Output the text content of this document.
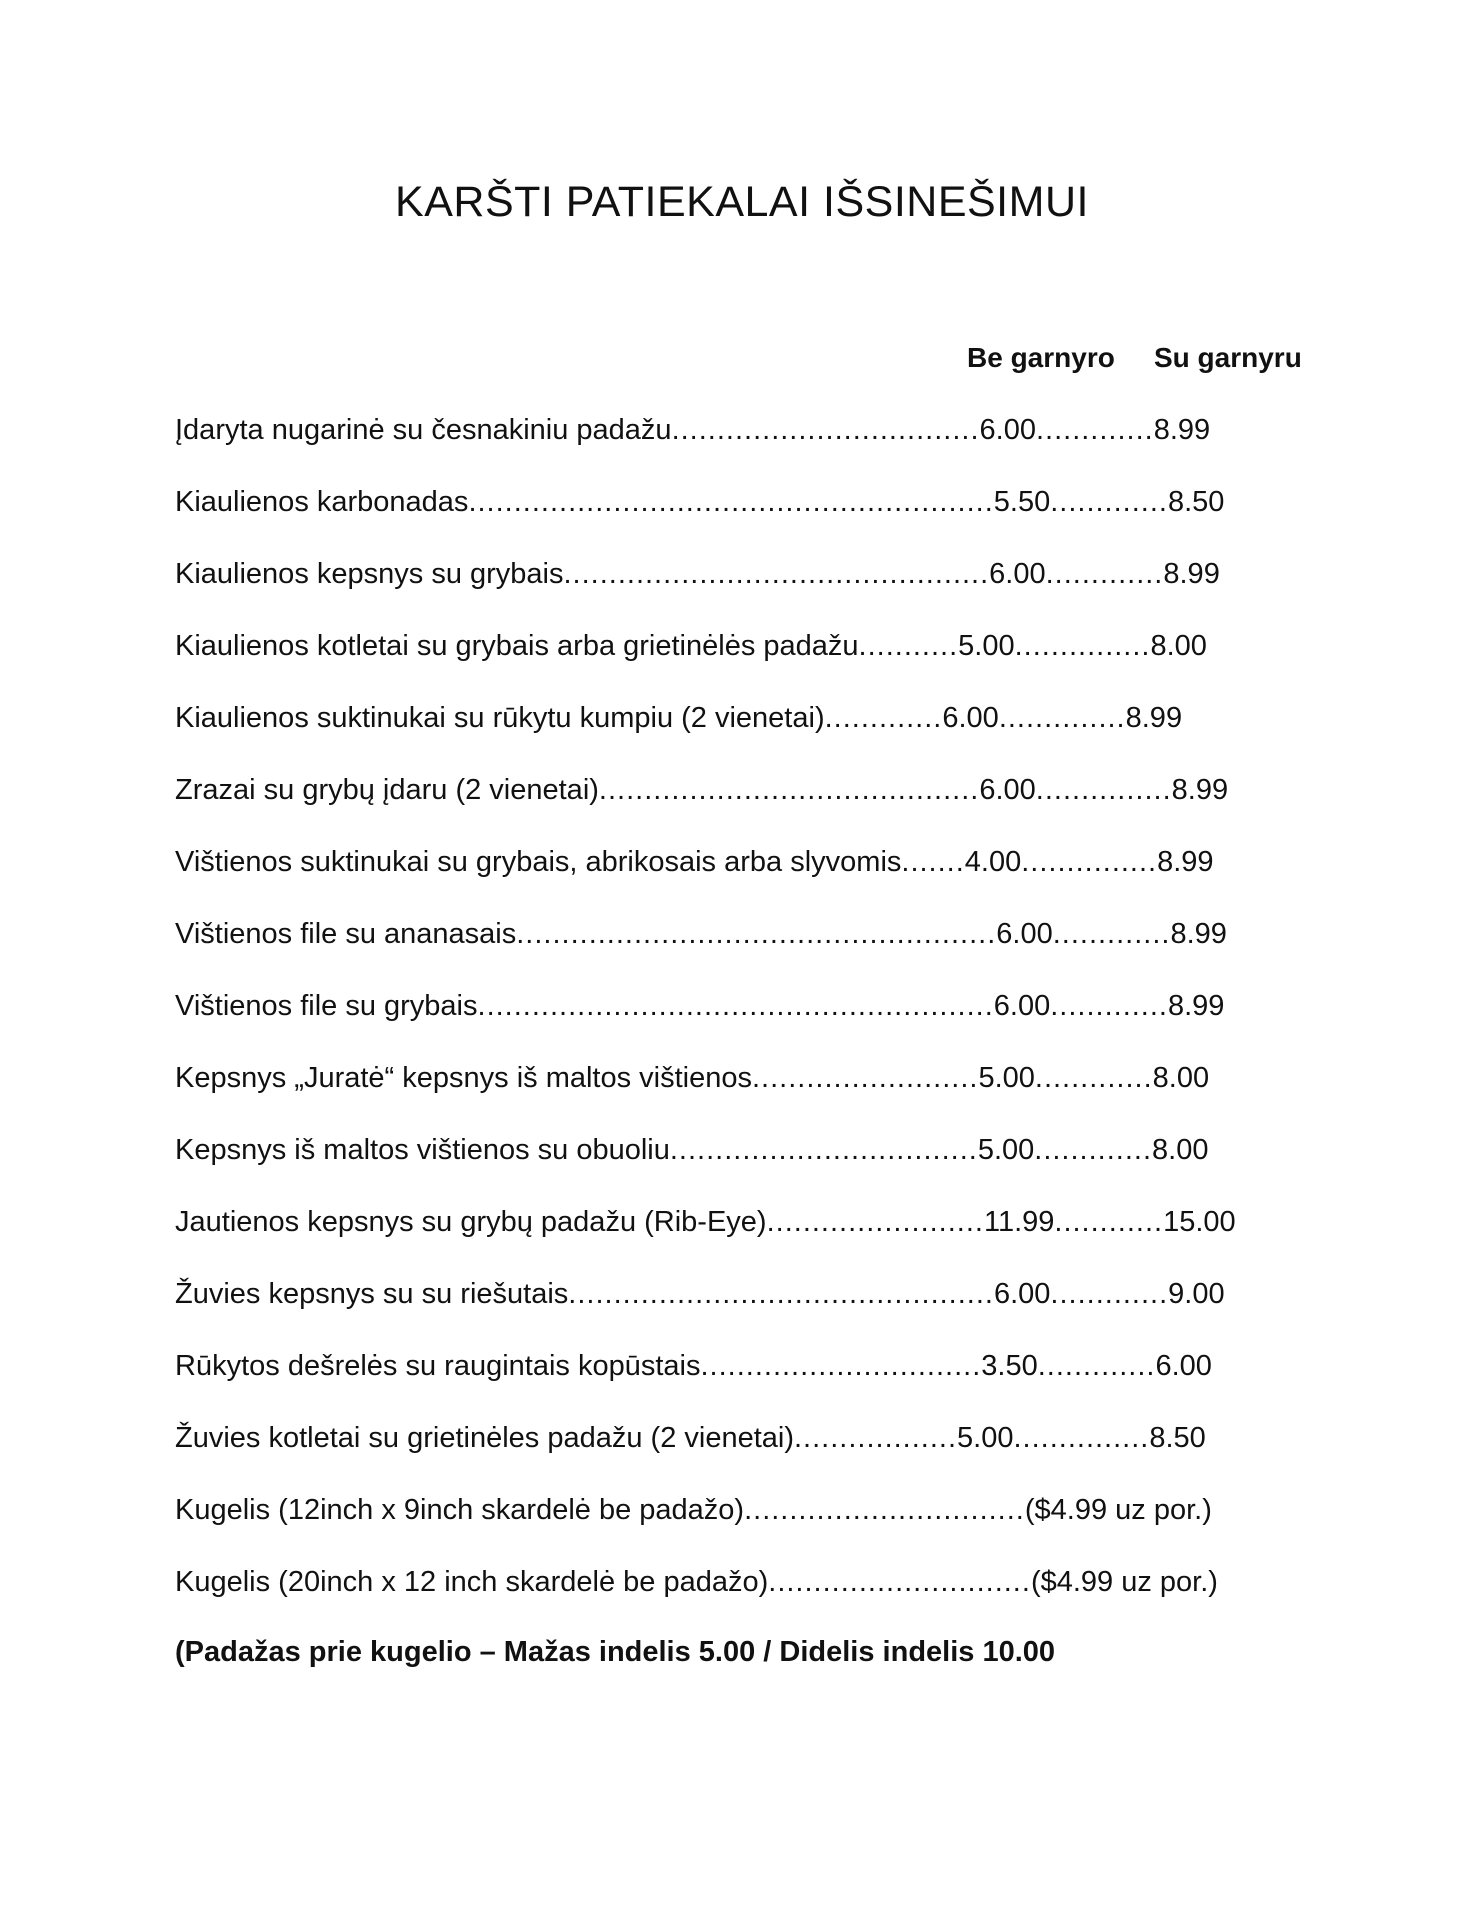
KARŠTI PATIEKALAI IŠSINEŠIMUI
Be garnyro Su garnyru
Įdaryta nugarinė su česnakiniu padažu..................................6.00.............8.99
Kiaulienos karbonadas..........................................................5.50.............8.50
Kiaulienos kepsnys su grybais...............................................6.00.............8.99
Kiaulienos kotletai su grybais arba grietinėlės padažu...........5.00...............8.00
Kiaulienos suktinukai su rūkytu kumpiu (2 vienetai).............6.00..............8.99
Zrazai su grybų įdaru (2 vienetai)..........................................6.00...............8.99
Vištienos suktinukai su grybais, abrikosais arba slyvomis.......4.00...............8.99
Vištienos file su ananasais.....................................................6.00.............8.99
Vištienos file su grybais.........................................................6.00.............8.99
Kepsnys „Juratė“ kepsnys iš maltos vištienos.........................5.00.............8.00
Kepsnys iš maltos vištienos su obuoliu..................................5.00.............8.00
Jautienos kepsnys su grybų padažu (Rib-Eye)........................11.99............15.00
Žuvies kepsnys su su riešutais...............................................6.00.............9.00
Rūkytos dešrelės su raugintais kopūstais...............................3.50.............6.00
Žuvies kotletai su grietinėles padažu (2 vienetai)..................5.00...............8.50
Kugelis (12inch x 9inch skardelė be padažo)...............................($4.99 uz por.)
Kugelis (20inch x 12 inch skardelė be padažo).............................($4.99 uz por.)
(Padažas prie kugelio – Mažas indelis 5.00 / Didelis indelis 10.00
